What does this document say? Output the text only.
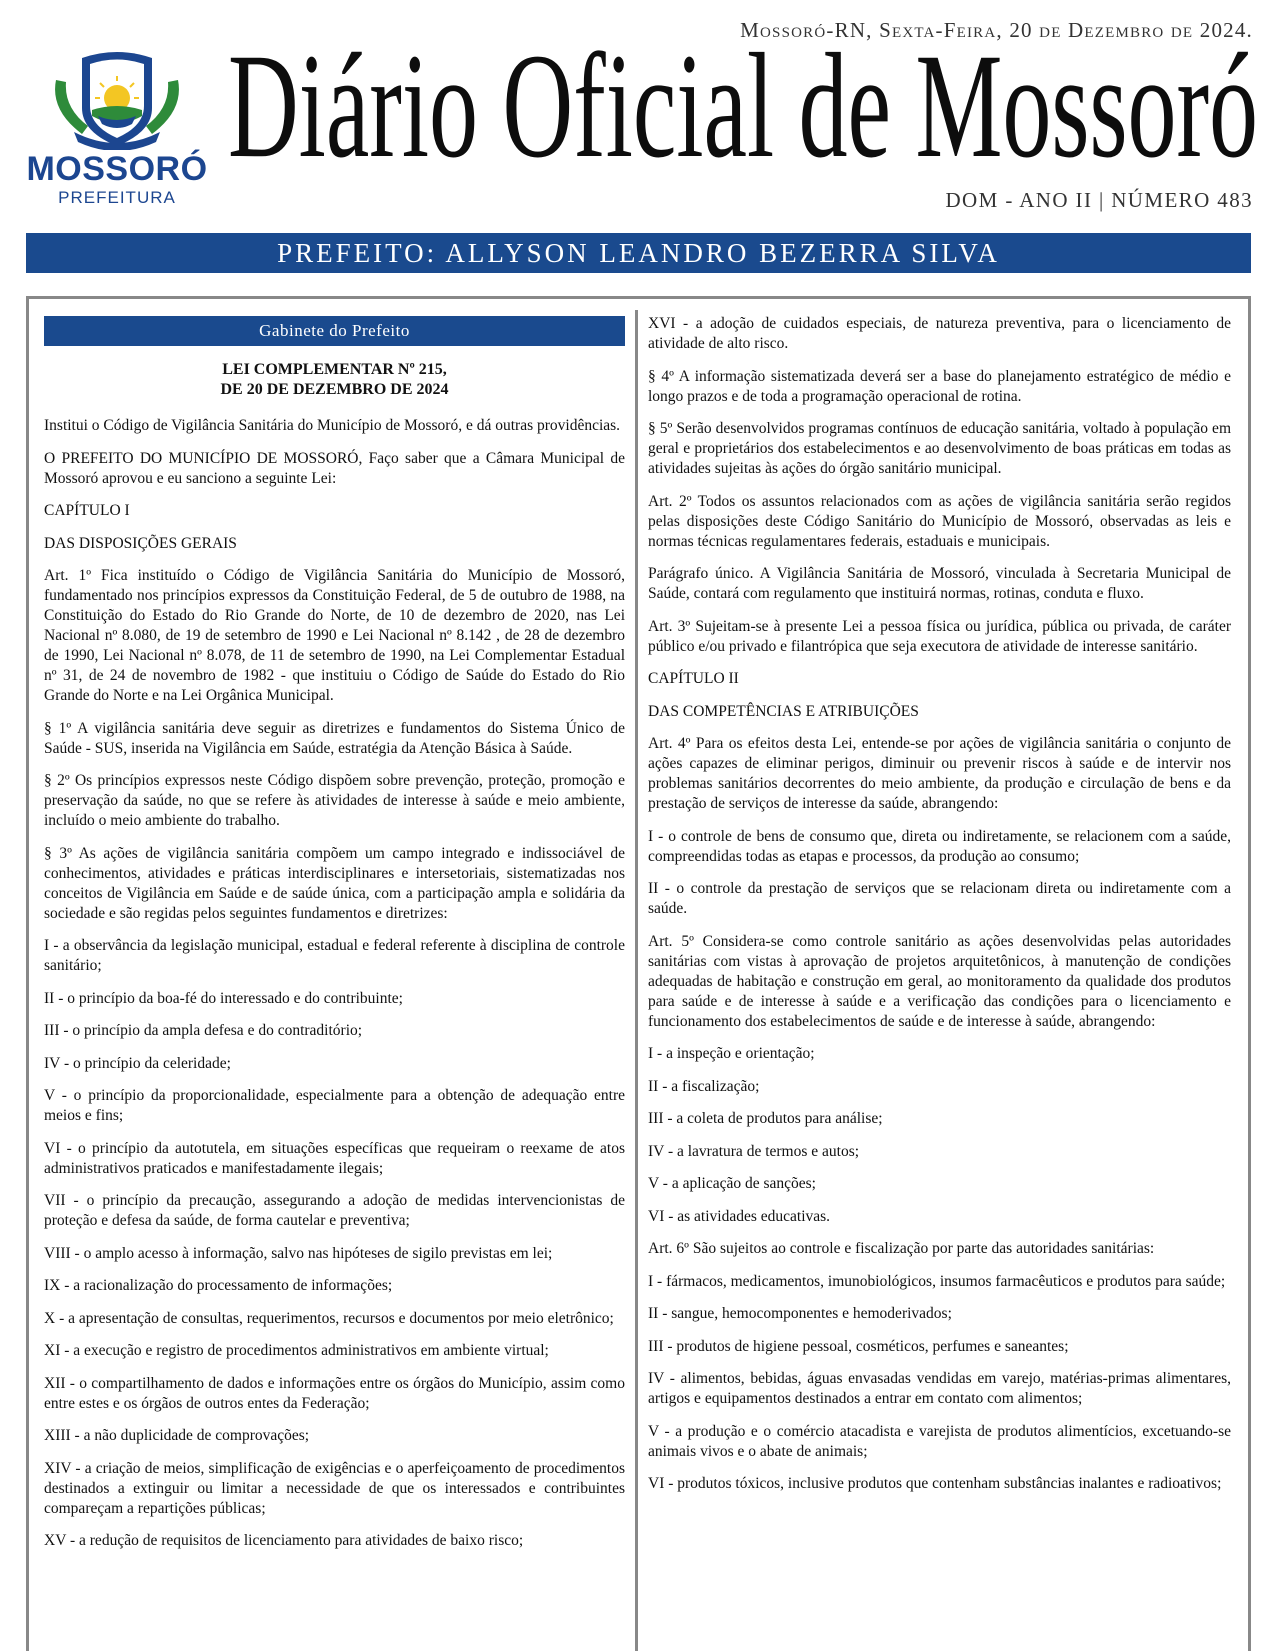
Mossoró-RN, Sexta-Feira, 20 de Dezembro de 2024.
MOSSORÓ
PREFEITURA
Diário Oficial de Mossoró
DOM - ANO II | NÚMERO 483
PREFEITO: ALLYSON LEANDRO BEZERRA SILVA
Gabinete do Prefeito
LEI COMPLEMENTAR Nº 215,
DE 20 DE DEZEMBRO DE 2024

Institui o Código de Vigilância Sanitária do Município de Mossoró, e dá outras providências.

O PREFEITO DO MUNICÍPIO DE MOSSORÓ, Faço saber que a Câmara Municipal de Mossoró aprovou e eu sanciono a seguinte Lei:

CAPÍTULO I

DAS DISPOSIÇÕES GERAIS

Art. 1º Fica instituído o Código de Vigilância Sanitária do Município de Mossoró, fundamentado nos princípios expressos da Constituição Federal, de 5 de outubro de 1988, na Constituição do Estado do Rio Grande do Norte, de 10 de dezembro de 2020, nas Lei Nacional nº 8.080, de 19 de setembro de 1990 e Lei Nacional nº 8.142 , de 28 de dezembro de 1990, Lei Nacional nº 8.078, de 11 de setembro de 1990, na Lei Complementar Estadual nº 31, de 24 de novembro de 1982 - que instituiu o Código de Saúde do Estado do Rio Grande do Norte e na Lei Orgânica Municipal.

§ 1º A vigilância sanitária deve seguir as diretrizes e fundamentos do Sistema Único de Saúde - SUS, inserida na Vigilância em Saúde, estratégia da Atenção Básica à Saúde.

§ 2º Os princípios expressos neste Código dispõem sobre prevenção, proteção, promoção e preservação da saúde, no que se refere às atividades de interesse à saúde e meio ambiente, incluído o meio ambiente do trabalho.

§ 3º As ações de vigilância sanitária compõem um campo integrado e indissociável de conhecimentos, atividades e práticas interdisciplinares e intersetoriais, sistematizadas nos conceitos de Vigilância em Saúde e de saúde única, com a participação ampla e solidária da sociedade e são regidas pelos seguintes fundamentos e diretrizes:

I - a observância da legislação municipal, estadual e federal referente à disciplina de controle sanitário;

II - o princípio da boa-fé do interessado e do contribuinte;

III - o princípio da ampla defesa e do contraditório;

IV - o princípio da celeridade;

V - o princípio da proporcionalidade, especialmente para a obtenção de adequação entre meios e fins;

VI - o princípio da autotutela, em situações específicas que requeiram o reexame de atos administrativos praticados e manifestadamente ilegais;

VII - o princípio da precaução, assegurando a adoção de medidas intervencionistas de proteção e defesa da saúde, de forma cautelar e preventiva;

VIII - o amplo acesso à informação, salvo nas hipóteses de sigilo previstas em lei;

IX - a racionalização do processamento de informações;

X - a apresentação de consultas, requerimentos, recursos e documentos por meio eletrônico;

XI - a execução e registro de procedimentos administrativos em ambiente virtual;

XII - o compartilhamento de dados e informações entre os órgãos do Município, assim como entre estes e os órgãos de outros entes da Federação;

XIII - a não duplicidade de comprovações;

XIV - a criação de meios, simplificação de exigências e o aperfeiçoamento de procedimentos destinados a extinguir ou limitar a necessidade de que os interessados e contribuintes compareçam a repartições públicas;

XV - a redução de requisitos de licenciamento para atividades de baixo risco;

XVI - a adoção de cuidados especiais, de natureza preventiva, para o licenciamento de atividade de alto risco.

§ 4º A informação sistematizada deverá ser a base do planejamento estratégico de médio e longo prazos e de toda a programação operacional de rotina.

§ 5º Serão desenvolvidos programas contínuos de educação sanitária, voltado à população em geral e proprietários dos estabelecimentos e ao desenvolvimento de boas práticas em todas as atividades sujeitas às ações do órgão sanitário municipal.

Art. 2º Todos os assuntos relacionados com as ações de vigilância sanitária serão regidos pelas disposições deste Código Sanitário do Município de Mossoró, observadas as leis e normas técnicas regulamentares federais, estaduais e municipais.

Parágrafo único. A Vigilância Sanitária de Mossoró, vinculada à Secretaria Municipal de Saúde, contará com regulamento que instituirá normas, rotinas, conduta e fluxo.

Art. 3º Sujeitam-se à presente Lei a pessoa física ou jurídica, pública ou privada, de caráter público e/ou privado e filantrópica que seja executora de atividade de interesse sanitário.

CAPÍTULO II

DAS COMPETÊNCIAS E ATRIBUIÇÕES

Art. 4º Para os efeitos desta Lei, entende-se por ações de vigilância sanitária o conjunto de ações capazes de eliminar perigos, diminuir ou prevenir riscos à saúde e de intervir nos problemas sanitários decorrentes do meio ambiente, da produção e circulação de bens e da prestação de serviços de interesse da saúde, abrangendo:

I - o controle de bens de consumo que, direta ou indiretamente, se relacionem com a saúde, compreendidas todas as etapas e processos, da produção ao consumo;

II - o controle da prestação de serviços que se relacionam direta ou indiretamente com a saúde.

Art. 5º Considera-se como controle sanitário as ações desenvolvidas pelas autoridades sanitárias com vistas à aprovação de projetos arquitetônicos, à manutenção de condições adequadas de habitação e construção em geral, ao monitoramento da qualidade dos produtos para saúde e de interesse à saúde e a verificação das condições para o licenciamento e funcionamento dos estabelecimentos de saúde e de interesse à saúde, abrangendo:

I - a inspeção e orientação;

II - a fiscalização;

III - a coleta de produtos para análise;

IV - a lavratura de termos e autos;

V - a aplicação de sanções;

VI - as atividades educativas.

Art. 6º São sujeitos ao controle e fiscalização por parte das autoridades sanitárias:

I - fármacos, medicamentos, imunobiológicos, insumos farmacêuticos e produtos para saúde;

II - sangue, hemocomponentes e hemoderivados;

III - produtos de higiene pessoal, cosméticos, perfumes e saneantes;

IV - alimentos, bebidas, águas envasadas vendidas em varejo, matérias-primas alimentares, artigos e equipamentos destinados a entrar em contato com alimentos;

V - a produção e o comércio atacadista e varejista de produtos alimentícios, excetuando-se animais vivos e o abate de animais;

VI - produtos tóxicos, inclusive produtos que contenham substâncias inalantes e radioativos;
